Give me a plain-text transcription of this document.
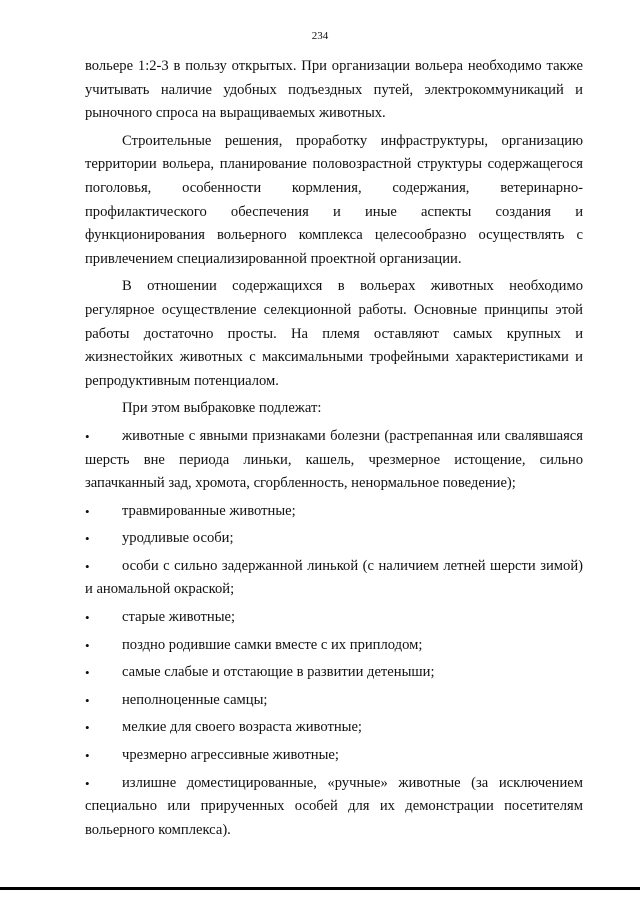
234

вольере 1:2-3 в пользу открытых. При организации вольера необходимо также учитывать наличие удобных подъездных путей, электрокоммуникаций и рыночного спроса на выращиваемых животных.

Строительные решения, проработку инфраструктуры, организацию территории вольера, планирование половозрастной структуры содержащегося поголовья, особенности кормления, содержания, ветеринарно-профилактического обеспечения и иные аспекты создания и функционирования вольерного комплекса целесообразно осуществлять с привлечением специализированной проектной организации.

В отношении содержащихся в вольерах животных необходимо регулярное осуществление селекционной работы. Основные принципы этой работы достаточно просты. На племя оставляют самых крупных и жизнестойких животных с максимальными трофейными характеристиками и репродуктивным потенциалом.

При этом выбраковке подлежат:

•	животные с явными признаками болезни (растрепанная или свалявшаяся шерсть вне периода линьки, кашель, чрезмерное истощение, сильно запачканный зад, хромота, сгорбленность, ненормальное поведение);
•	травмированные животные;
•	уродливые особи;
•	особи с сильно задержанной линькой (с наличием летней шерсти зимой) и аномальной окраской;
•	старые животные;
•	поздно родившие самки вместе с их приплодом;
•	самые слабые и отстающие в развитии детеныши;
•	неполноценные самцы;
•	мелкие для своего возраста животные;
•	чрезмерно агрессивные животные;
•	излишне доместицированные, «ручные» животные (за исключением специально или прирученных особей для их демонстрации посетителям вольерного комплекса).
